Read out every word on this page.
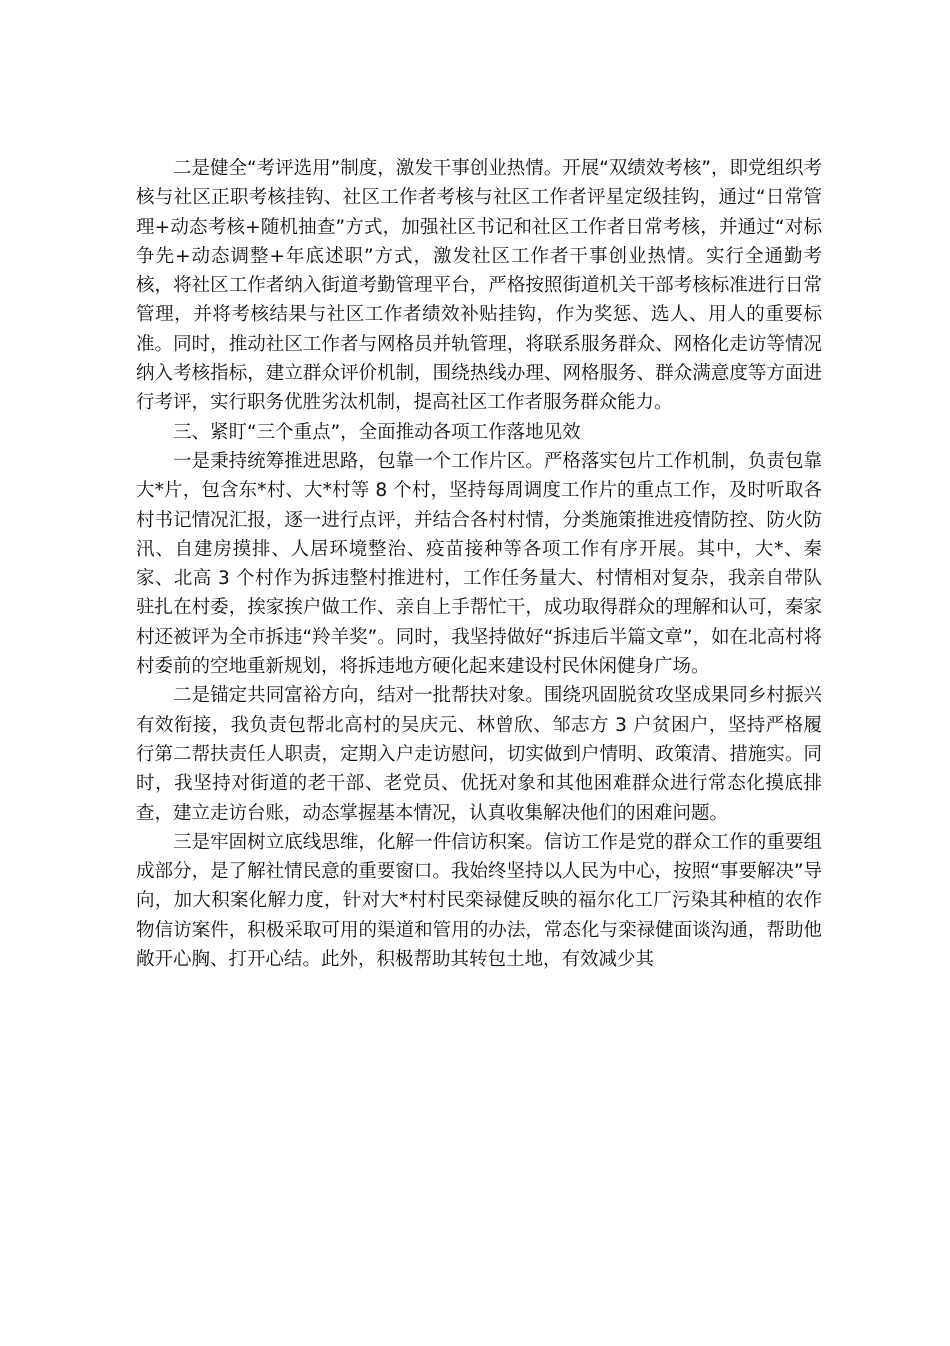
二是健全“考评选用”制度，激发干事创业热情。开展“双绩效考核”，即党组织考核与社区正职考核挂钩、社区工作者考核与社区工作者评星定级挂钩，通过“日常管理+动态考核+随机抽查”方式，加强社区书记和社区工作者日常考核，并通过“对标争先+动态调整+年底述职”方式，激发社区工作者干事创业热情。实行全通勤考核，将社区工作者纳入街道考勤管理平台，严格按照街道机关干部考核标准进行日常管理，并将考核结果与社区工作者绩效补贴挂钩，作为奖惩、选人、用人的重要标准。同时，推动社区工作者与网格员并轨管理，将联系服务群众、网格化走访等情况纳入考核指标，建立群众评价机制，围绕热线办理、网格服务、群众满意度等方面进行考评，实行职务优胜劣汰机制，提高社区工作者服务群众能力。

三、紧盯“三个重点”，全面推动各项工作落地见效

一是秉持统筹推进思路，包靠一个工作片区。严格落实包片工作机制，负责包靠大*片，包含东*村、大*村等 8 个村，坚持每周调度工作片的重点工作，及时听取各村书记情况汇报，逐一进行点评，并结合各村村情，分类施策推进疫情防控、防火防汛、自建房摸排、人居环境整治、疫苗接种等各项工作有序开展。其中，大*、秦家、北高 3 个村作为拆违整村推进村，工作任务量大、村情相对复杂，我亲自带队驻扎在村委，挨家挨户做工作、亲自上手帮忙干，成功取得群众的理解和认可，秦家村还被评为全市拆违“羚羊奖”。同时，我坚持做好“拆违后半篇文章”，如在北高村将村委前的空地重新规划，将拆违地方硬化起来建设村民休闲健身广场。

二是锚定共同富裕方向，结对一批帮扶对象。围绕巩固脱贫攻坚成果同乡村振兴有效衔接，我负责包帮北高村的吴庆元、林曾欣、邹志方 3 户贫困户，坚持严格履行第二帮扶责任人职责，定期入户走访慰问，切实做到户情明、政策清、措施实。同时，我坚持对街道的老干部、老党员、优抚对象和其他困难群众进行常态化摸底排查，建立走访台账，动态掌握基本情况，认真收集解决他们的困难问题。

三是牢固树立底线思维，化解一件信访积案。信访工作是党的群众工作的重要组成部分，是了解社情民意的重要窗口。我始终坚持以人民为中心，按照“事要解决”导向，加大积案化解力度，针对大*村村民栾禄健反映的福尔化工厂污染其种植的农作物信访案件，积极采取可用的渠道和管用的办法，常态化与栾禄健面谈沟通，帮助他敞开心胸、打开心结。此外，积极帮助其转包土地，有效减少其
